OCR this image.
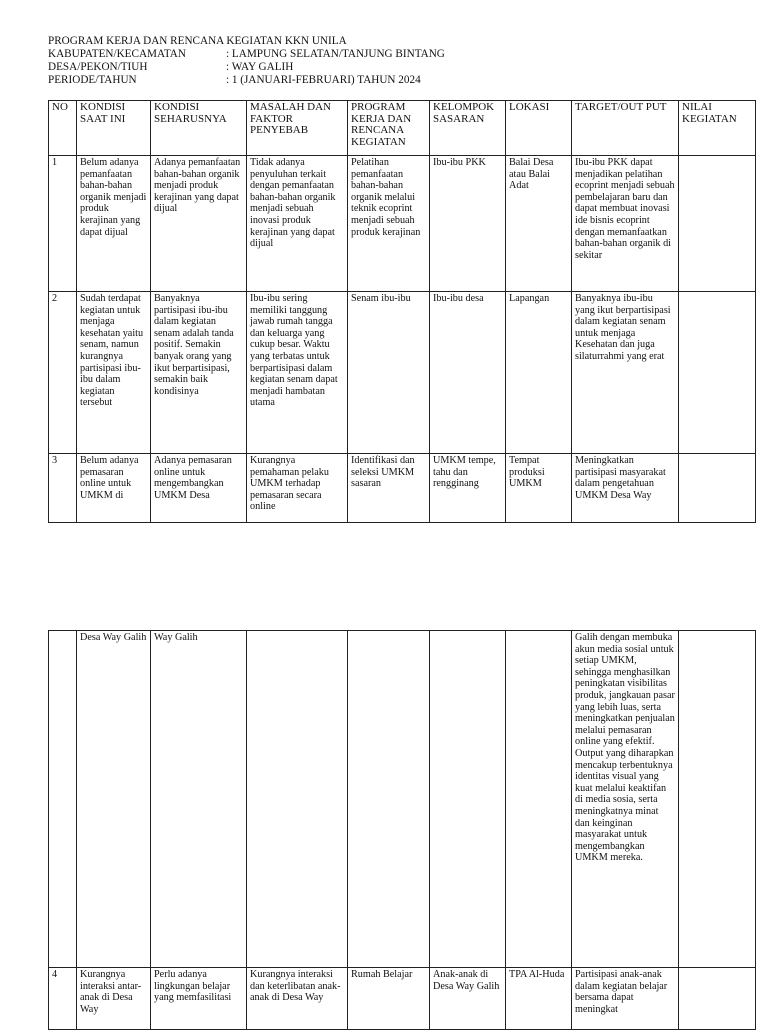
PROGRAM KERJA DAN RENCANA KEGIATAN KKN UNILA
KABUPATEN/KECAMATAN	: LAMPUNG SELATAN/TANJUNG BINTANG
DESA/PEKON/TIUH	: WAY GALIH
PERIODE/TAHUN	: 1 (JANUARI-FEBRUARI) TAHUN 2024
NO	KONDISI SAAT INI	KONDISI SEHARUSNYA	MASALAH DAN FAKTOR PENYEBAB	PROGRAM KERJA DAN RENCANA KEGIATAN	KELOMPOK SASARAN	LOKASI	TARGET/OUT PUT	NILAI KEGIATAN
1	Belum adanya pemanfaatan bahan-bahan organik menjadi produk kerajinan yang dapat dijual	Adanya pemanfaatan bahan-bahan organik menjadi produk kerajinan yang dapat dijual	Tidak adanya penyuluhan terkait dengan pemanfaatan bahan-bahan organik menjadi sebuah inovasi produk kerajinan yang dapat dijual	Pelatihan pemanfaatan bahan-bahan organik melalui teknik ecoprint menjadi sebuah produk kerajinan	Ibu-ibu PKK	Balai Desa atau Balai Adat	Ibu-ibu PKK dapat menjadikan pelatihan ecoprint menjadi sebuah pembelajaran baru dan dapat membuat inovasi ide bisnis ecoprint dengan memanfaatkan bahan-bahan organik di sekitar	
2	Sudah terdapat kegiatan untuk menjaga kesehatan yaitu senam, namun kurangnya partisipasi ibu-ibu dalam kegiatan tersebut	Banyaknya partisipasi ibu-ibu dalam kegiatan senam adalah tanda positif. Semakin banyak orang yang ikut berpartisipasi, semakin baik kondisinya	Ibu-ibu sering memiliki tanggung jawab rumah tangga dan keluarga yang cukup besar. Waktu yang terbatas untuk berpartisipasi dalam kegiatan senam dapat menjadi hambatan utama	Senam ibu-ibu	Ibu-ibu desa	Lapangan	Banyaknya ibu-ibu yang ikut berpartisipasi dalam kegiatan senam untuk menjaga Kesehatan dan juga silaturrahmi yang erat	
3	Belum adanya pemasaran online untuk UMKM di	Adanya pemasaran online untuk mengembangkan UMKM Desa	Kurangnya pemahaman pelaku UMKM terhadap pemasaran secara online	Identifikasi dan seleksi UMKM sasaran	UMKM tempe, tahu dan rengginang	Tempat produksi UMKM	Meningkatkan partisipasi masyarakat dalam pengetahuan UMKM Desa Way	
	Desa Way Galih	Way Galih					Galih dengan membuka akun media sosial untuk setiap UMKM, sehingga menghasilkan peningkatan visibilitas produk, jangkauan pasar yang lebih luas, serta meningkatkan penjualan melalui pemasaran online yang efektif. Output yang diharapkan mencakup terbentuknya identitas visual yang kuat melalui keaktifan di media sosia, serta meningkatnya minat dan keinginan masyarakat untuk mengembangkan UMKM mereka.	
4	Kurangnya interaksi antar-anak di Desa Way	Perlu adanya lingkungan belajar yang memfasilitasi	Kurangnya interaksi dan keterlibatan anak-anak di Desa Way	Rumah Belajar	Anak-anak di Desa Way Galih	TPA Al-Huda	Partisipasi anak-anak dalam kegiatan belajar bersama dapat meningkat	
